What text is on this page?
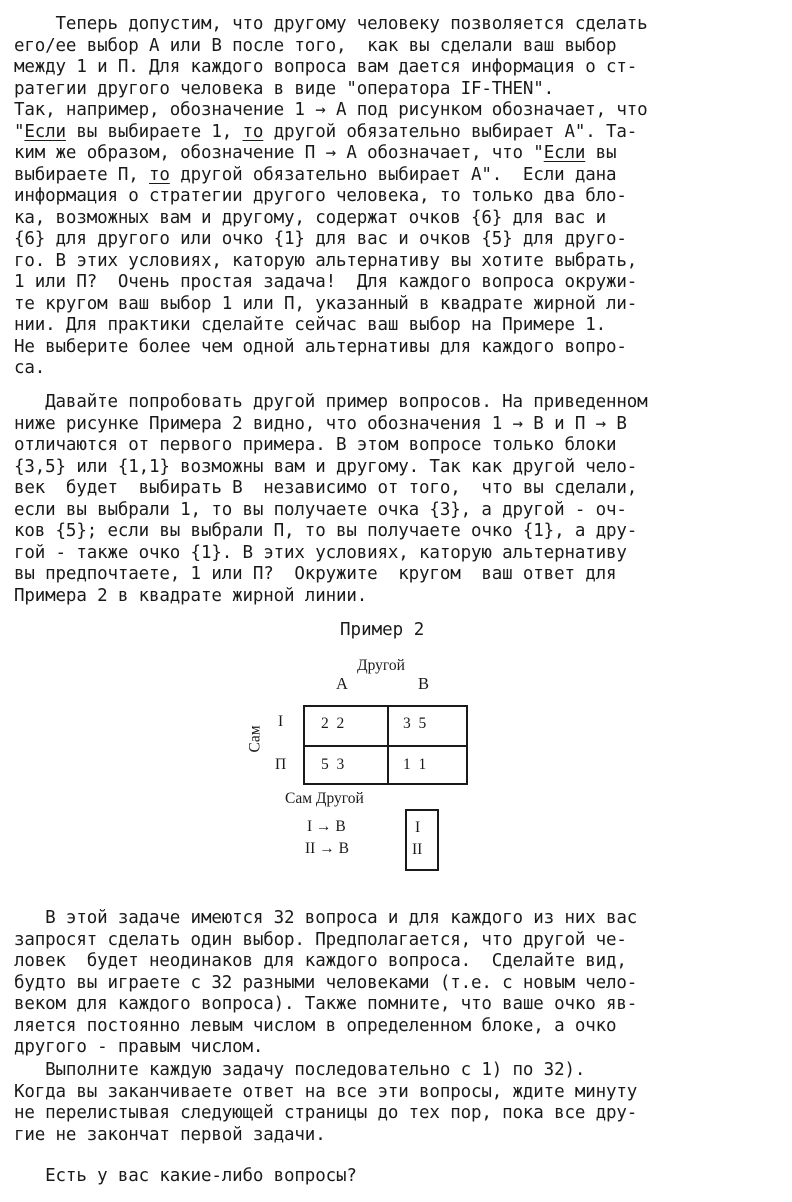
Теперь допустим, что другому человеку позволяется сделать
его/ее выбор А или В после того,  как вы сделали ваш выбор
между 1 и П. Для каждого вопроса вам дается информация о ст-
ратегии другого человека в виде "оператора IF-THEN".
Так, например, обозначение 1 → А под рисунком обозначает, что
"Если вы выбираете 1, то другой обязательно выбирает А". Та-
ким же образом, обозначение П → А обозначает, что "Если вы
выбираете П, то другой обязательно выбирает А".  Если дана
информация о стратегии другого человека, то только два бло-
ка, возможных вам и другому, содержат очков {6} для вас и
{6} для другого или очко {1} для вас и очков {5} для друго-
го. В этих условиях, каторую альтернативу вы хотите выбрать,
1 или П?  Очень простая задача!  Для каждого вопроса окружи-
те кругом ваш выбор 1 или П, указанный в квадрате жирной ли-
нии. Для практики сделайте сейчас ваш выбор на Примере 1.
Не выберите более чем одной альтернативы для каждого вопро-
са.
Давайте попробовать другой пример вопросов. На приведенном
ниже рисунке Примера 2 видно, что обозначения 1 → В и П → В
отличаются от первого примера. В этом вопросе только блоки
{3,5} или {1,1} возможны вам и другому. Так как другой чело-
век  будет  выбирать В  независимо от того,  что вы сделали,
если вы выбрали 1, то вы получаете очка {3}, а другой - оч-
ков {5}; если вы выбрали П, то вы получаете очко {1}, а дру-
гой - также очко {1}. В этих условиях, каторую альтернативу
вы предпочтаете, 1 или П?  Окружите  кругом  ваш ответ для
Примера 2 в квадрате жирной линии.
Пример 2
Другой
A	B
Сам
I
П
2  2	3  5
5  3	1  1
Сам Другой
I → B
II → B
I
II
В этой задаче имеются 32 вопроса и для каждого из них вас
запросят сделать один выбор. Предполагается, что другой че-
ловек  будет неодинаков для каждого вопроса.  Сделайте вид,
будто вы играете с 32 разными человеками (т.е. с новым чело-
веком для каждого вопроса). Также помните, что ваше очко яв-
ляется постоянно левым числом в определенном блоке, а очко
другого - правым числом.
Выполните каждую задачу последовательно с 1) по 32).
Когда вы заканчиваете ответ на все эти вопросы, ждите минуту
не перелистывая следующей страницы до тех пор, пока все дру-
гие не закончат первой задачи.
Есть у вас какие-либо вопросы?
